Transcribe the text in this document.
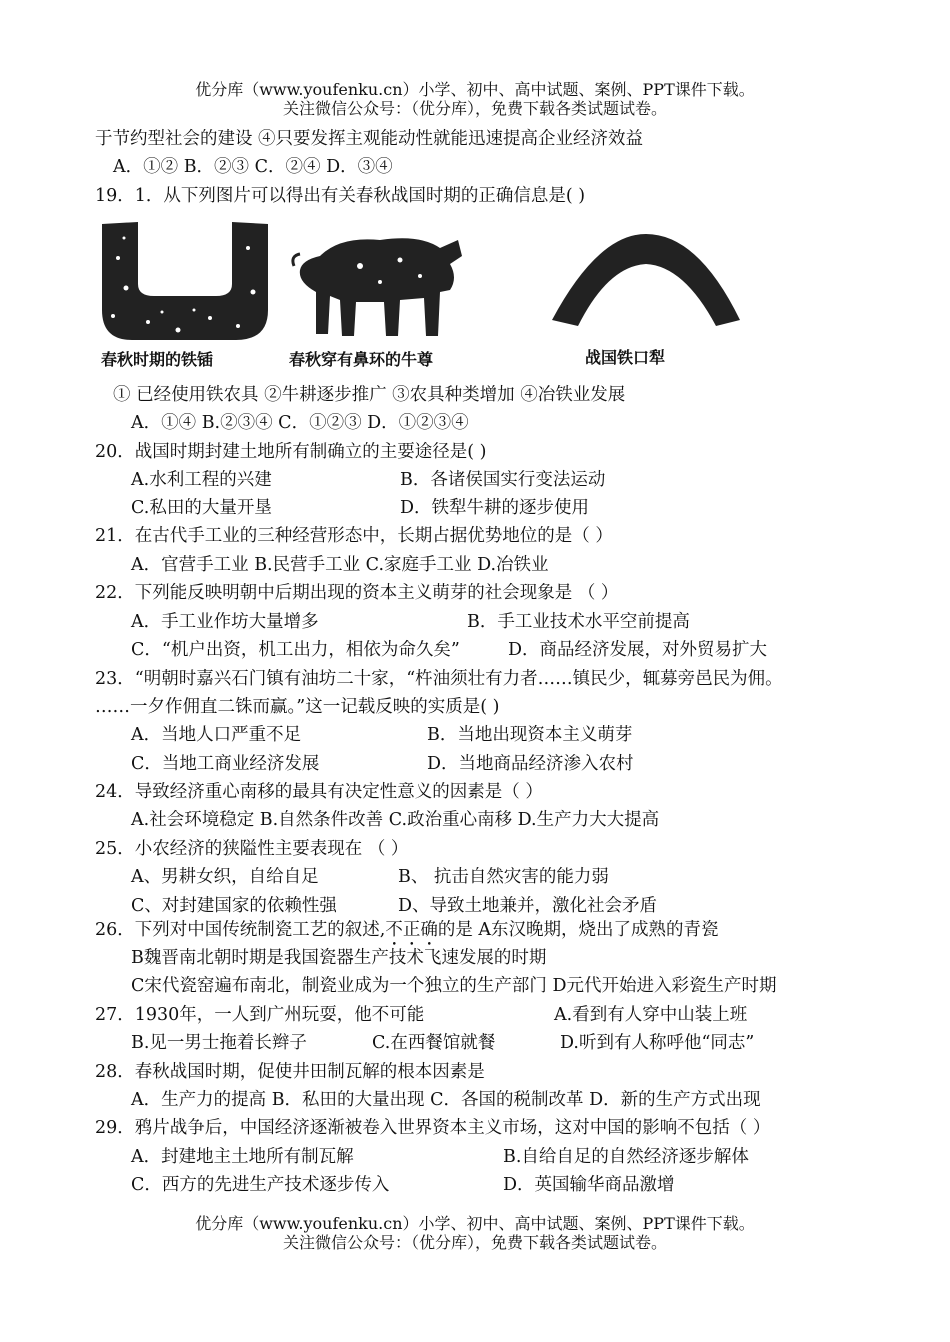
优分库（www.youfenku.cn）小学、初中、高中试题、案例、PPT课件下载。
关注微信公众号：（优分库），免费下载各类试题试卷。
于节约型社会的建设 ④只要发挥主观能动性就能迅速提高企业经济效益
A．①② B．②③ C．②④ D．③④
19．1．从下列图片可以得出有关春秋战国时期的正确信息是( )
春秋时期的铁锸	春秋穿有鼻环的牛尊	战国铁口犁
① 已经使用铁农具 ②牛耕逐步推广 ③农具种类增加 ④冶铁业发展
A．①④ B.②③④ C．①②③ D．①②③④
20．战国时期封建土地所有制确立的主要途径是( )
A.水利工程的兴建	B．各诸侯国实行变法运动
C.私田的大量开垦	D．铁犁牛耕的逐步使用
21．在古代手工业的三种经营形态中，长期占据优势地位的是（ ）
A．官营手工业 B.民营手工业 C.家庭手工业 D.冶铁业
22．下列能反映明朝中后期出现的资本主义萌芽的社会现象是 （ ）
A．手工业作坊大量增多	B．手工业技术水平空前提高
C．“机户出资，机工出力，相依为命久矣”	D．商品经济发展，对外贸易扩大
23．“明朝时嘉兴石门镇有油坊二十家，“杵油须壮有力者……镇民少，辄募旁邑民为佣。
……一夕作佣直二铢而赢。”这一记载反映的实质是( )
A．当地人口严重不足	B．当地出现资本主义萌芽
C．当地工商业经济发展	D．当地商品经济渗入农村
24．导致经济重心南移的最具有决定性意义的因素是（ ）
A.社会环境稳定 B.自然条件改善 C.政治重心南移 D.生产力大大提高
25．小农经济的狭隘性主要表现在 （ ）
A、男耕女织，自给自足	B、 抗击自然灾害的能力弱
C、对封建国家的依赖性强	D、导致土地兼并，激化社会矛盾
26．下列对中国传统制瓷工艺的叙述,不正确的是 A东汉晚期，烧出了成熟的青瓷
B魏晋南北朝时期是我国瓷器生产技术飞速发展的时期
C宋代瓷窑遍布南北，制瓷业成为一个独立的生产部门 D元代开始进入彩瓷生产时期
27．1930年，一人到广州玩耍，他不可能	A.看到有人穿中山装上班
B.见一男士拖着长辫子	C.在西餐馆就餐	D.听到有人称呼他“同志”
28．春秋战国时期，促使井田制瓦解的根本因素是
A．生产力的提高 B．私田的大量出现 C．各国的税制改革 D．新的生产方式出现
29．鸦片战争后，中国经济逐渐被卷入世界资本主义市场，这对中国的影响不包括（ ）
A．封建地主土地所有制瓦解	B.自给自足的自然经济逐步解体
C．西方的先进生产技术逐步传入	D．英国输华商品激增
优分库（www.youfenku.cn）小学、初中、高中试题、案例、PPT课件下载。
关注微信公众号：（优分库），免费下载各类试题试卷。
